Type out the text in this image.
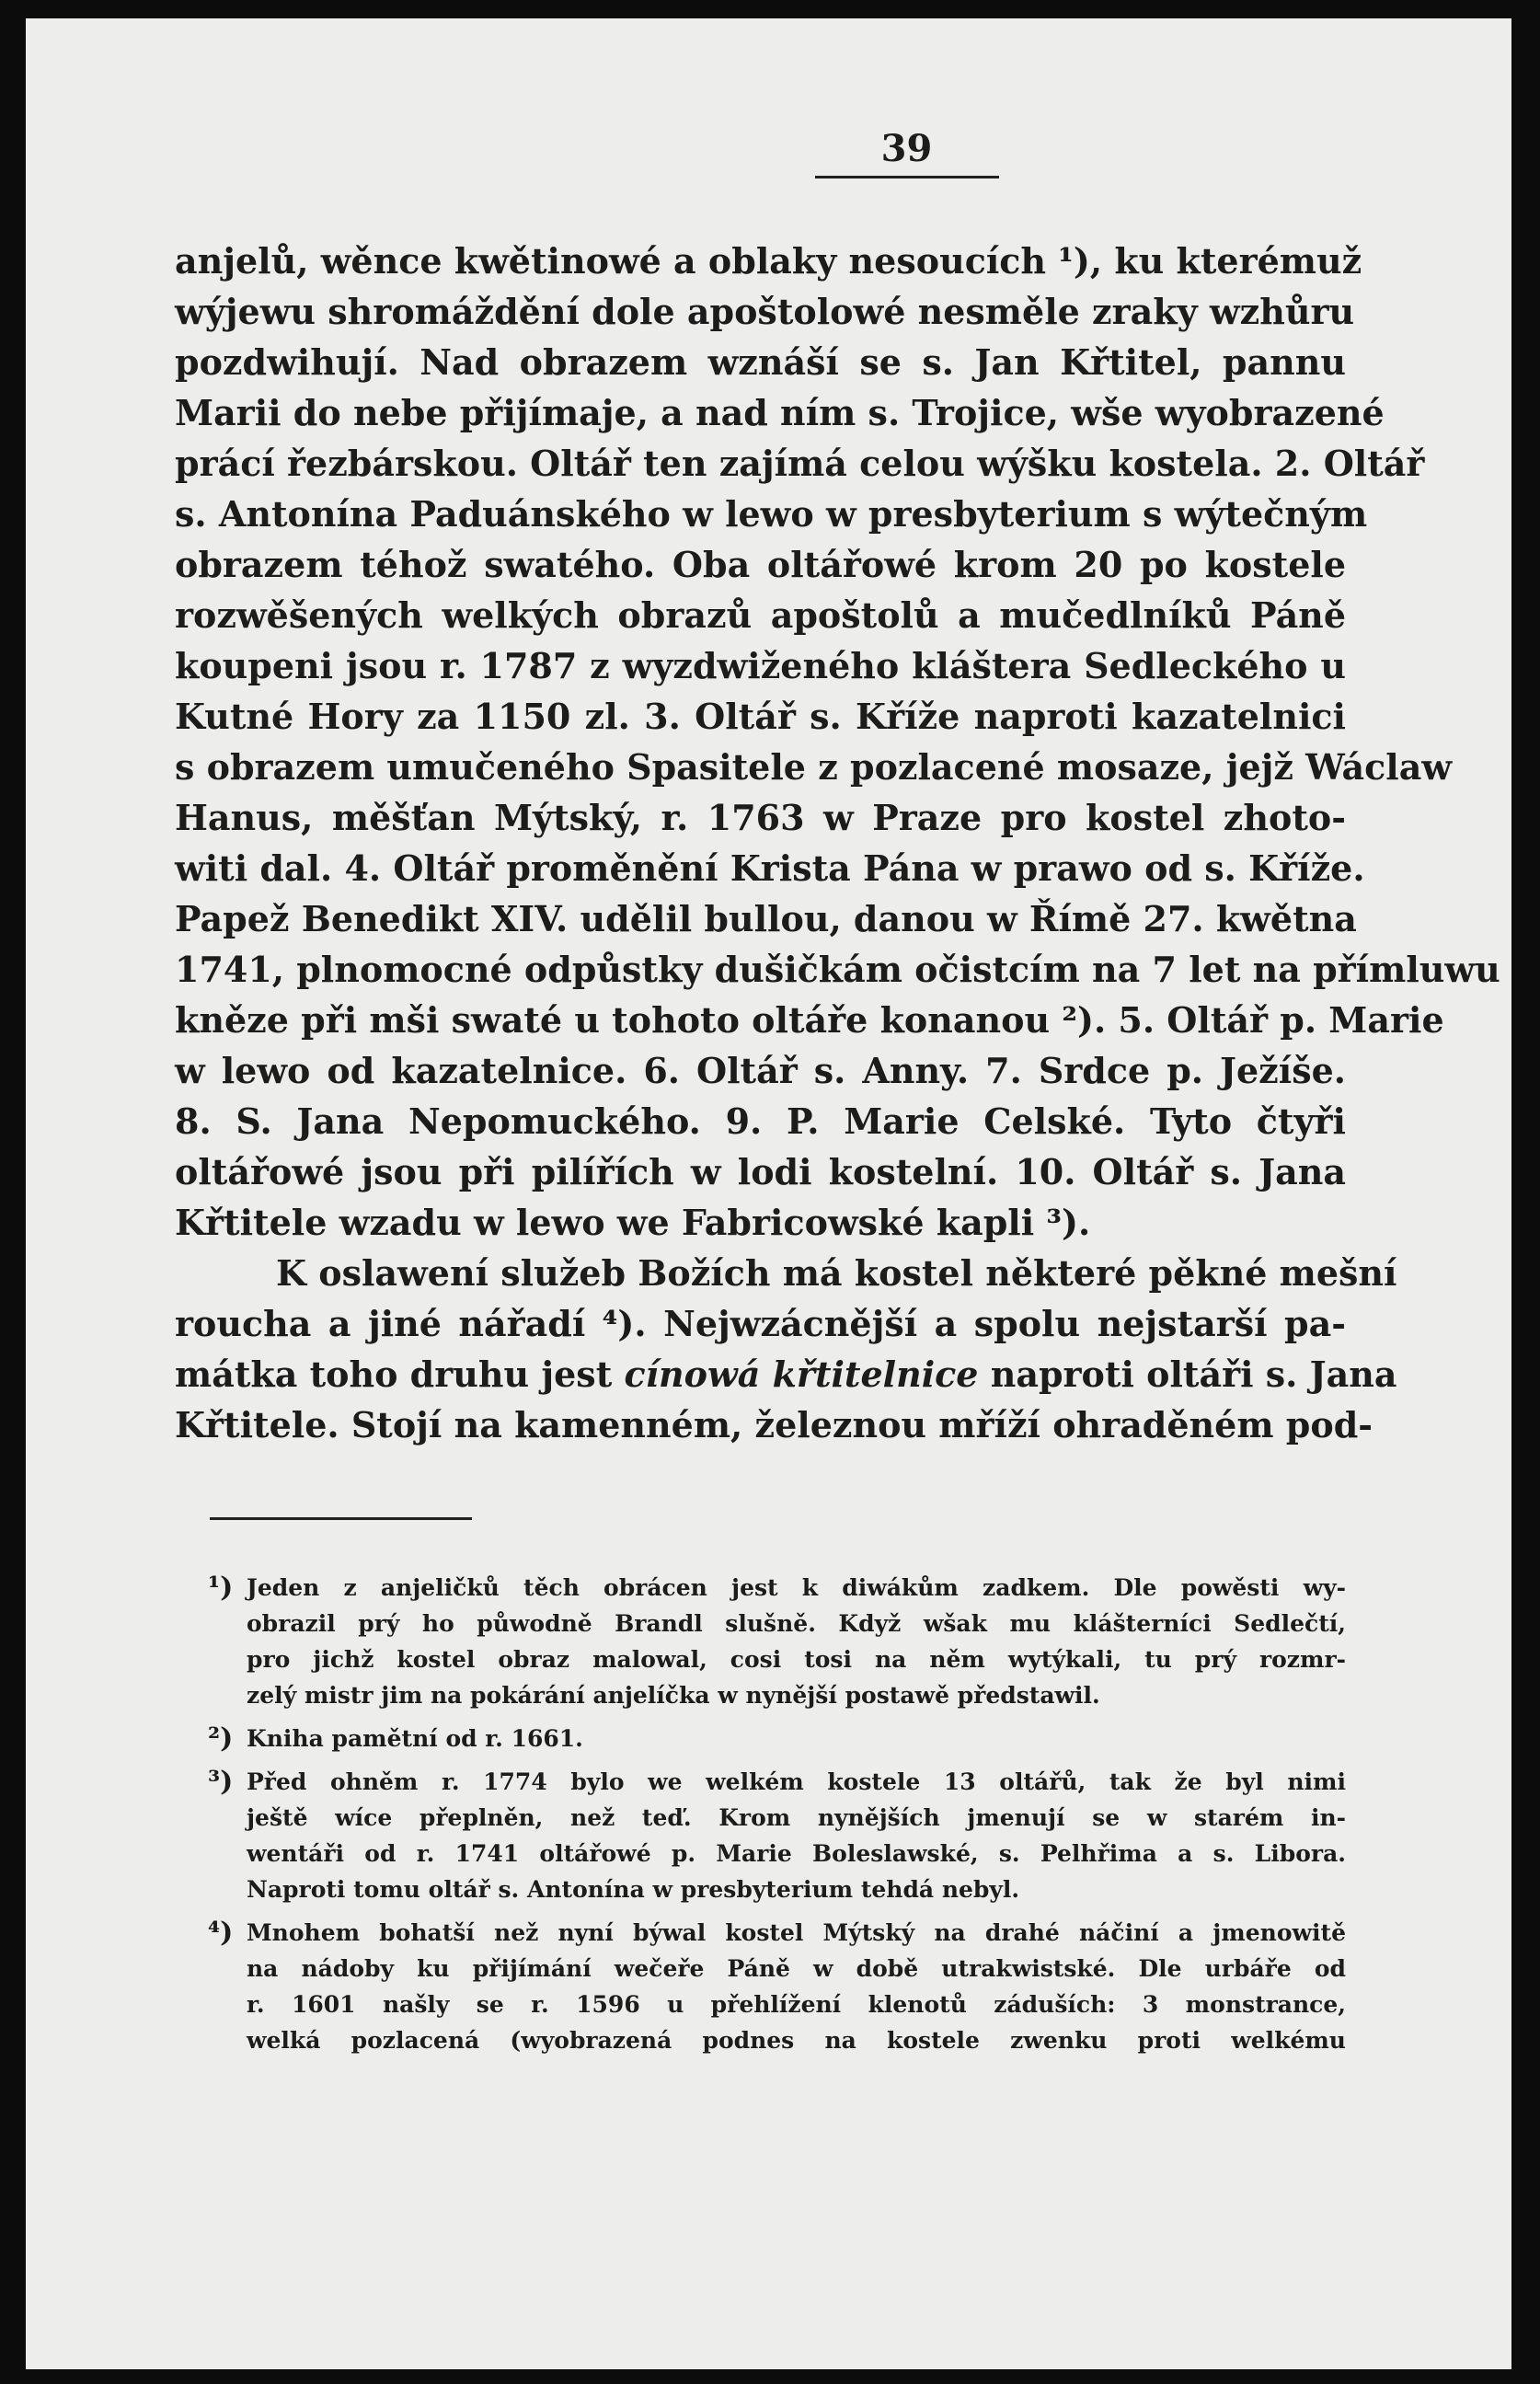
39
anjelů, wěnce kwětinowé a oblaky nesoucích ¹), ku kterémuž
wýjewu shromáždění dole apoštolowé nesměle zraky wzhůru
pozdwihují. Nad obrazem wznáší se s. Jan Křtitel, pannu
Marii do nebe přijímaje, a nad ním s. Trojice, wše wyobrazené
prácí řezbárskou. Oltář ten zajímá celou wýšku kostela. 2. Oltář
s. Antonína Paduánského w lewo w presbyterium s wýtečným
obrazem téhož swatého. Oba oltářowé krom 20 po kostele
rozwěšených welkých obrazů apoštolů a mučedlníků Páně
koupeni jsou r. 1787 z wyzdwiženého kláštera Sedleckého u
Kutné Hory za 1150 zl. 3. Oltář s. Kříže naproti kazatelnici
s obrazem umučeného Spasitele z pozlacené mosaze, jejž Wáclaw
Hanus, měšťan Mýtský, r. 1763 w Praze pro kostel zhoto-
witi dal. 4. Oltář proměnění Krista Pána w prawo od s. Kříže.
Papež Benedikt XIV. udělil bullou, danou w Římě 27. kwětna
1741, plnomocné odpůstky dušičkám očistcím na 7 let na přímluwu
kněze při mši swaté u tohoto oltáře konanou ²). 5. Oltář p. Marie
w lewo od kazatelnice. 6. Oltář s. Anny. 7. Srdce p. Ježíše.
8. S. Jana Nepomuckého. 9. P. Marie Celské. Tyto čtyři
oltářowé jsou při pilířích w lodi kostelní. 10. Oltář s. Jana
Křtitele wzadu w lewo we Fabricowské kapli ³).
K oslawení služeb Božích má kostel některé pěkné mešní
roucha a jiné nářadí ⁴). Nejwzácnější a spolu nejstarší pa-
mátka toho druhu jest cínowá křtitelnice naproti oltáři s. Jana
Křtitele. Stojí na kamenném, železnou mříží ohraděném pod-
¹) Jeden z anjeličků těch obrácen jest k diwákům zadkem. Dle powěsti wy-
obrazil prý ho půwodně Brandl slušně. Když wšak mu klášterníci Sedlečtí,
pro jichž kostel obraz malowal, cosi tosi na něm wytýkali, tu prý rozmr-
zelý mistr jim na pokárání anjelíčka w nynější postawě předstawil.
²) Kniha pamětní od r. 1661.
³) Před ohněm r. 1774 bylo we welkém kostele 13 oltářů, tak že byl nimi
ještě wíce přeplněn, než teď. Krom nynějších jmenují se w starém in-
wentáři od r. 1741 oltářowé p. Marie Boleslawské, s. Pelhřima a s. Libora.
Naproti tomu oltář s. Antonína w presbyterium tehdá nebyl.
⁴) Mnohem bohatší než nyní býwal kostel Mýtský na drahé náčiní a jmenowitě
na nádoby ku přijímání wečeře Páně w době utrakwistské. Dle urbáře od
r. 1601 našly se r. 1596 u přehlížení klenotů záduších: 3 monstrance,
welká pozlacená (wyobrazená podnes na kostele zwenku proti welkému
